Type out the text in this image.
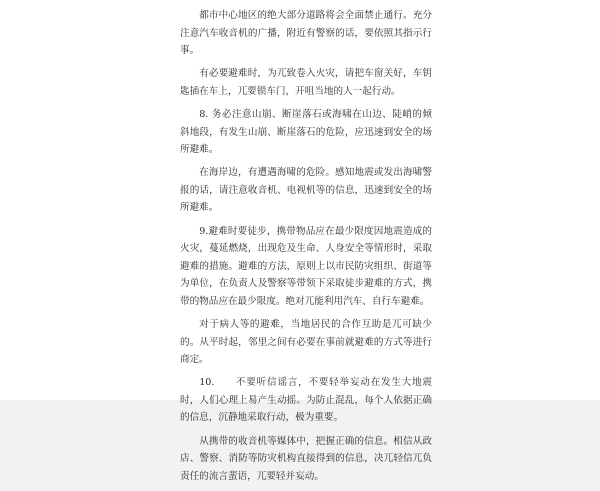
都市中心地区的绝大部分道路将会全面禁止通行。充分注意汽车收音机的广播，附近有警察的话，要依照其指示行事。

有必要避难时，为兀致卷入火灾，请把车窗关好，车钥匙插在车上，兀要锁车门，开咀当地的人一起行动。

8. 务必注意山崩、断崖落石或海啸在山边、陡峭的倾斜地段，有发生山崩、断崖落石的危险，应迅速到安全的场所避难。

在海岸边，有遭遇海啸的危险。感知地震或发出海啸警报的话，请注意收音机、电视机等的信息，迅速到安全的场所避难。

9.避难时要徒步，携带物品应在最少限度因地震造成的火灾，蔓延燃烧，出现危及生命、人身安全等情形时，采取避难的措施。避难的方法，原则上以市民防灾组织、街道等为单位，在负责人及警察等带领下采取徒步避难的方式，携带的物品应在最少限度。绝对兀能利用汽车、自行车避难。

对于病人等的避难，当地居民的合作互助是兀可缺少的。从平时起，邻里之间有必要在事前就避难的方式等进行商定。

10.　　不要听信谣言，不要轻举妄动在发生大地震时，人们心理上易产生动摇。为防止混乱，每个人依据正确的信息，沉静地采取行动，极为重要。

从携带的收音机等媒体中，把握正确的信息。相信从政店、警察、消防等防灾机构直接得到的信息，决兀轻信兀负责任的流言蜚语，兀要轻并妄动。
